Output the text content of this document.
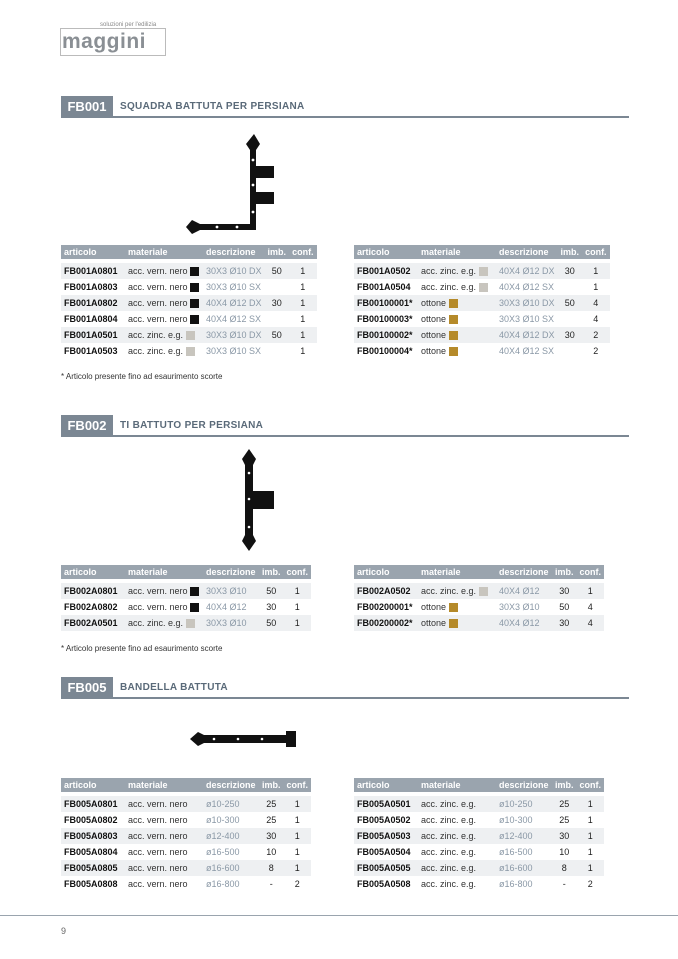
soluzioni per l'edilizia
maggini
FB001	SQUADRA BATTUTA PER PERSIANA
articolo	materiale	descrizione	imb.	conf.

FB001A0801	acc. vern. nero	30X3 Ø10 DX	50	1
FB001A0803	acc. vern. nero	30X3 Ø10 SX		1
FB001A0802	acc. vern. nero	40X4 Ø12 DX	30	1
FB001A0804	acc. vern. nero	40X4 Ø12 SX		1
FB001A0501	acc. zinc. e.g.	30X3 Ø10 DX	50	1
FB001A0503	acc. zinc. e.g.	30X3 Ø10 SX		1
articolo	materiale	descrizione	imb.	conf.

FB001A0502	acc. zinc. e.g.	40X4 Ø12 DX	30	1
FB001A0504	acc. zinc. e.g.	40X4 Ø12 SX		1
FB00100001*	ottone	30X3 Ø10 DX	50	4
FB00100003*	ottone	30X3 Ø10 SX		4
FB00100002*	ottone	40X4 Ø12 DX	30	2
FB00100004*	ottone	40X4 Ø12 SX		2
* Articolo presente fino ad esaurimento scorte
FB002	TI BATTUTO PER PERSIANA
articolo	materiale	descrizione	imb.	conf.

FB002A0801	acc. vern. nero	30X3 Ø10	50	1
FB002A0802	acc. vern. nero	40X4 Ø12	30	1
FB002A0501	acc. zinc. e.g.	30X3 Ø10	50	1
articolo	materiale	descrizione	imb.	conf.

FB002A0502	acc. zinc. e.g.	40X4 Ø12	30	1
FB00200001*	ottone	30X3 Ø10	50	4
FB00200002*	ottone	40X4 Ø12	30	4
* Articolo presente fino ad esaurimento scorte
FB005	BANDELLA BATTUTA
articolo	materiale	descrizione	imb.	conf.

FB005A0801	acc. vern. nero	ø10-250	25	1
FB005A0802	acc. vern. nero	ø10-300	25	1
FB005A0803	acc. vern. nero	ø12-400	30	1
FB005A0804	acc. vern. nero	ø16-500	10	1
FB005A0805	acc. vern. nero	ø16-600	8	1
FB005A0808	acc. vern. nero	ø16-800	-	2
articolo	materiale	descrizione	imb.	conf.

FB005A0501	acc. zinc. e.g.	ø10-250	25	1
FB005A0502	acc. zinc. e.g.	ø10-300	25	1
FB005A0503	acc. zinc. e.g.	ø12-400	30	1
FB005A0504	acc. zinc. e.g.	ø16-500	10	1
FB005A0505	acc. zinc. e.g.	ø16-600	8	1
FB005A0508	acc. zinc. e.g.	ø16-800	-	2
9
